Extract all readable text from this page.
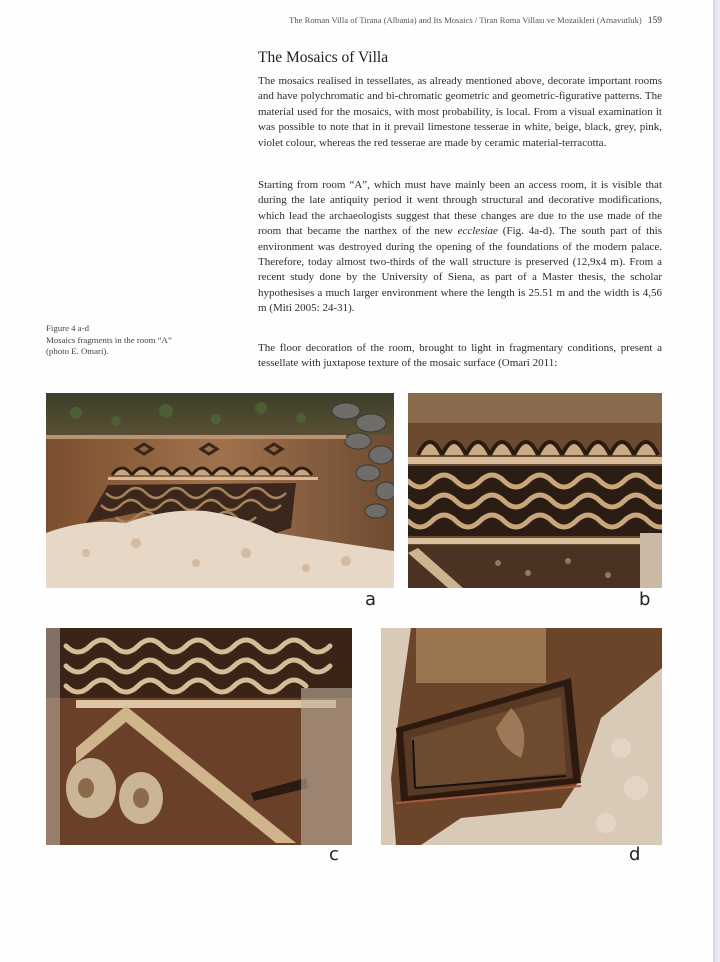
The Roman Villa of Tirana (Albania) and Its Mosaics / Tiran Roma Villası ve Mozaikleri (Arnavutluk) 159
The Mosaics of Villa

The mosaics realised in tessellates, as already mentioned above, decorate important rooms and have polychromatic and bi-chromatic geometric and geometric-figurative patterns. The material used for the mosaics, with most probability, is local. From a visual examination it was possible to note that in it prevail limestone tesserae in white, beige, black, grey, pink, violet colour, whereas the red tesserae are made by ceramic material-terracotta.

Starting from room “A”, which must have mainly been an access room, it is visible that during the late antiquity period it went through structural and decorative modifications, which lead the archaeologists suggest that these changes are due to the use made of the room that became the narthex of the new ecclesiae (Fig. 4a-d). The south part of this environment was destroyed during the opening of the foundations of the modern palace. Therefore, today almost two-thirds of the wall structure is preserved (12,9x4 m). From a recent study done by the University of Siena, as part of a Master thesis, the scholar hypothesises a much larger environment where the length is 25.51 m and the width is 4,56 m (Miti 2005: 24-31).

The floor decoration of the room, brought to light in fragmentary conditions, present a tessellate with juxtapose texture of the mosaic surface (Omari 2011:

Figure 4 a-d
Mosaics fragments in the room “A”
(photo E. Omari).
a	b
c	d
